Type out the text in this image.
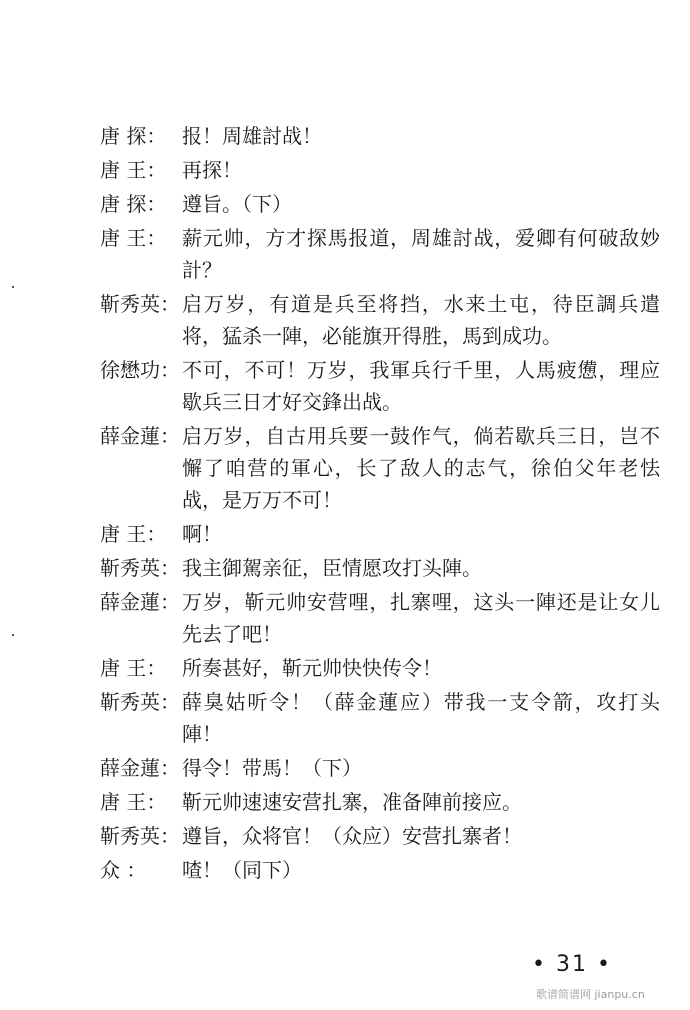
唐 探： 报！周雄討战！
唐 王： 再探！
唐 探： 遵旨。（下）
唐 王： 薪元帅，方才探馬报道，周雄討战，爱卿有何破敌妙計？
靳秀英： 启万岁，有道是兵至将挡，水来土屯，待臣調兵遣将，猛杀一陣，必能旗开得胜，馬到成功。
徐懋功： 不可，不可！万岁，我軍兵行千里，人馬疲憊，理应歇兵三日才好交鋒出战。
薛金蓮： 启万岁，自古用兵要一鼓作气，倘若歇兵三日，岂不懈了咱营的軍心，长了敌人的志气，徐伯父年老怯战，是万万不可！
唐 王： 啊！
靳秀英： 我主御駕亲征，臣情愿攻打头陣。
薛金蓮： 万岁，靳元帅安营哩，扎寨哩，这头一陣还是让女儿先去了吧！
唐 王： 所奏甚好，靳元帅快快传令！
靳秀英： 薛臭姑听令！（薛金蓮应）带我一支令箭，攻打头陣！
薛金蓮： 得令！带馬！（下）
唐 王： 靳元帅速速安营扎寨，准备陣前接应。
靳秀英： 遵旨，众将官！（众应）安营扎寨者！
众 ：	喳！（同下）
• 31 •
歌谱简谱网 jianpu.cn
